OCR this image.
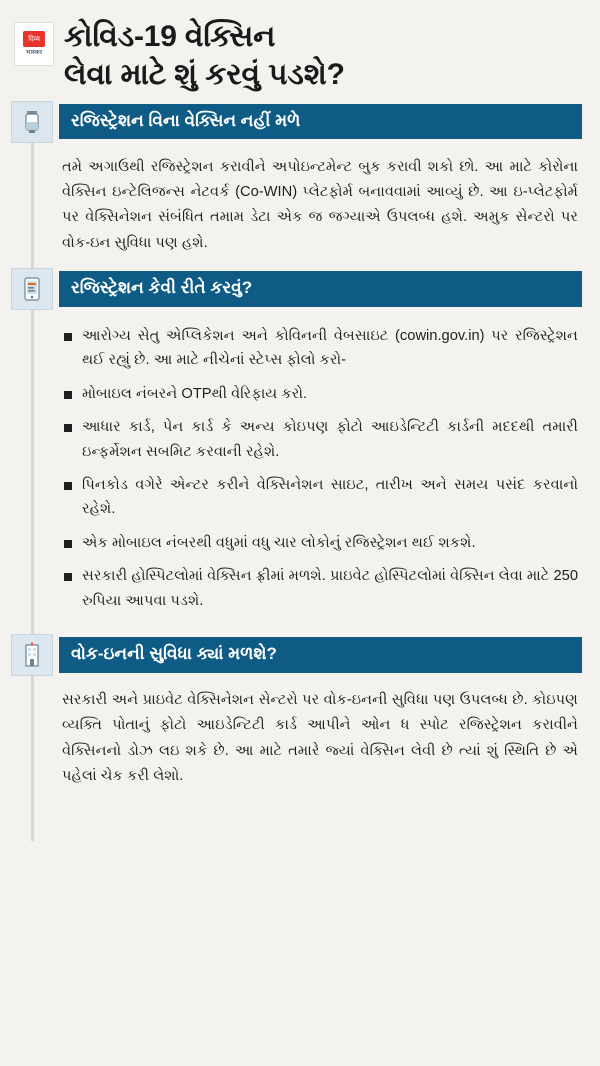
दिव्य
भास्कर કોવિડ-19 વેક્સિન
લેવા માટે શું કરવું પડશે?
રજિસ્ટ્રેશન વિના વેક્સિન નહીં મળે
તમે અગાઉથી રજિસ્ટ્રેશન કરાવીને અપોઇન્ટમેન્ટ બુક કરાવી શકો છો. આ માટે કોરોના વેક્સિન ઇન્ટેલિજન્સ નેટવર્ક (Co-WIN) પ્લેટફોર્મ બનાવવામાં આવ્યું છે. આ ઇ-પ્લેટફોર્મ પર વેક્સિનેશન સંબંધિત તમામ ડેટા એક જ જગ્યાએ ઉપલબ્ધ હશે. અમુક સેન્ટરો પર વોક-ઇન સુવિધા પણ હશે.
રજિસ્ટ્રેશન કેવી રીતે કરવું?
આરોગ્ય સેતુ એપ્લિકેશન અને કોવિનની વેબસાઇટ (cowin.gov.in) પર રજિસ્ટ્રેશન થઈ રહ્યું છે. આ માટે નીચેનાં સ્ટેપ્સ ફોલો કરો-
મોબાઇલ નંબરને OTPથી વેરિફાય કરો.
આધાર કાર્ડ, પેન કાર્ડ કે અન્ય કોઇપણ ફોટો આઇડેન્ટિટી કાર્ડની મદદથી તમારી ઇન્ફર્મેશન સબમિટ કરવાની રહેશે.
પિનકોડ વગેરે એન્ટર કરીને વેક્સિનેશન સાઇટ, તારીખ અને સમય પસંદ કરવાનો રહેશે.
એક મોબાઇલ નંબરથી વધુમાં વધુ ચાર લોકોનું રજિસ્ટ્રેશન થઈ શકશે.
સરકારી હોસ્પિટલોમાં વેક્સિન ફ્રીમાં મળશે. પ્રાઇવેટ હોસ્પિટલોમાં વેક્સિન લેવા માટે 250 રુપિયા આપવા પડશે.
વોક-ઇનની સુવિધા ક્યાં મળશે?
સરકારી અને પ્રાઇવેટ વેક્સિનેશન સેન્ટરો પર વોક-ઇનની સુવિધા પણ ઉપલબ્ધ છે. કોઇપણ વ્યક્તિ પોતાનું ફોટો આઇડેન્ટિટી કાર્ડ આપીને ઓન ધ સ્પોટ રજિસ્ટ્રેશન કરાવીને વેક્સિનનો ડોઝ લઇ શકે છે. આ માટે તમારે જ્યાં વેક્સિન લેવી છે ત્યાં શું સ્થિતિ છે એ પહેલાં ચેક કરી લેશો.
